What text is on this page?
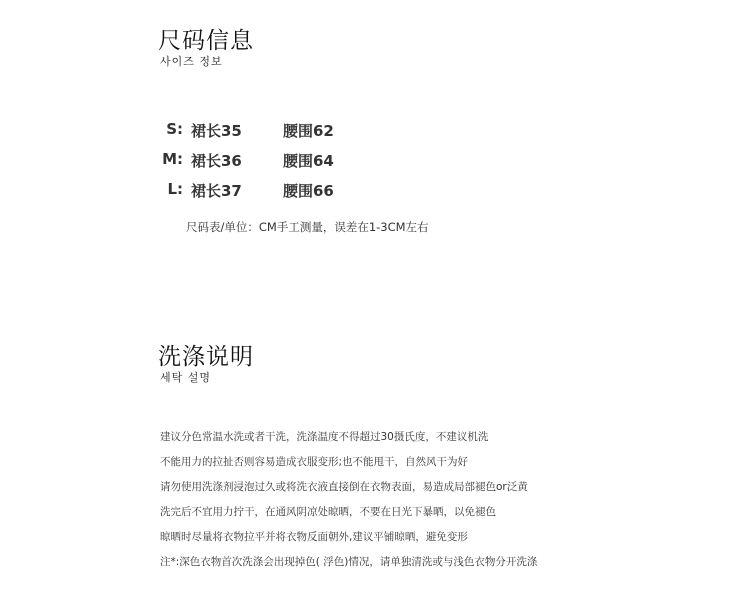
尺码信息
사이즈 정보
S: 裙长35	腰围62
M: 裙长36	腰围64
L: 裙长37	腰围66
尺码表/单位：CM手工测量，误差在1-3CM左右
洗涤说明
세탁 설명
建议分色常温水洗或者干洗，洗涤温度不得超过30摄氏度，不建议机洗
不能用力的拉扯否则容易造成衣服变形;也不能甩干，自然风干为好
请勿使用洗涤剂浸泡过久或将洗衣液直接倒在衣物表面，易造成局部褪色or泛黄
洗完后不宜用力拧干，在通风阴凉处晾晒，不要在日光下暴晒，以免褪色
晾晒时尽量将衣物拉平并将衣物反面朝外,建议平铺晾晒，避免变形
注*:深色衣物首次洗涤会出现掉色( 浮色)情况，请单独清洗或与浅色衣物分开洗涤
